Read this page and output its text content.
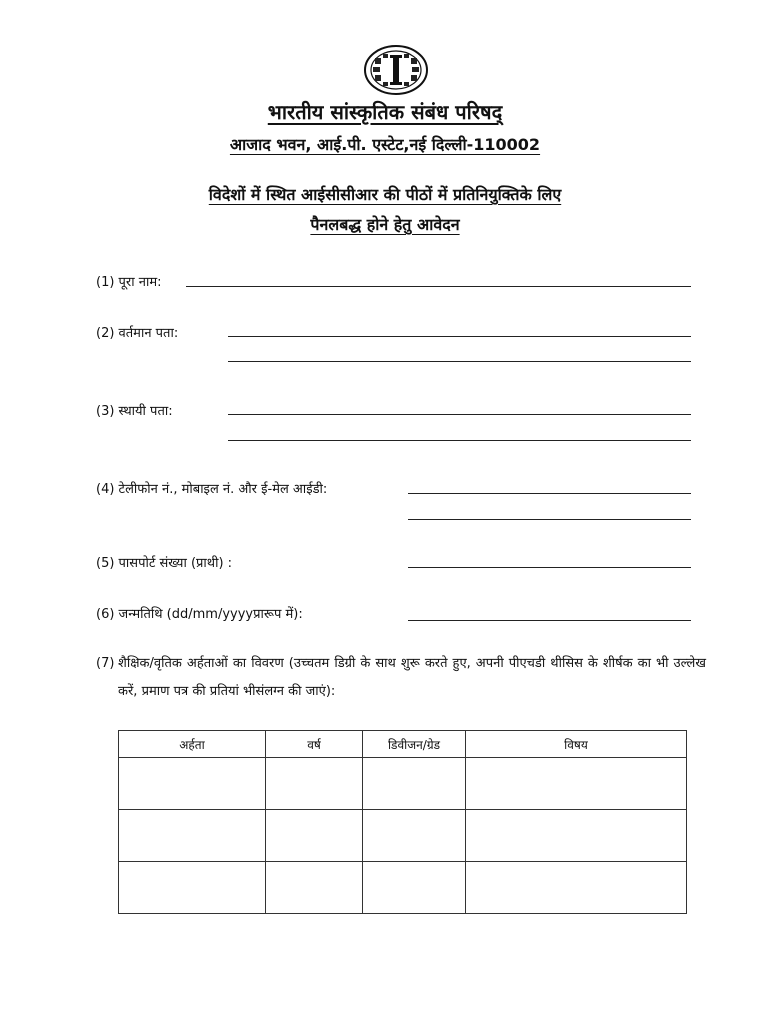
भारतीय सांस्कृतिक संबंध परिषद्
आजाद भवन, आई.पी. एस्टेट,नई दिल्ली-110002
विदेशों में स्थित आईसीसीआर की पीठों में प्रतिनियुक्तिके लिए
पैनलबद्ध होने हेतु आवेदन
(1) पूरा नाम:
(2) वर्तमान पता:
(3) स्थायी पता:
(4) टेलीफोन नं., मोबाइल नं. और ई-मेल आईडी:
(5) पासपोर्ट संख्या (प्राथी) :
(6) जन्मतिथि (dd/mm/yyyyप्रारूप में):
(7) शैक्षिक/वृतिक अर्हताओं का विवरण (उच्चतम डिग्री के साथ शुरू करते हुए, अपनी पीएचडी थीसिस के शीर्षक का भी उल्लेख करें, प्रमाण पत्र की प्रतियां भीसंलग्न की जाएं):
अर्हता	वर्ष	डिवीजन/ग्रेड	विषय
